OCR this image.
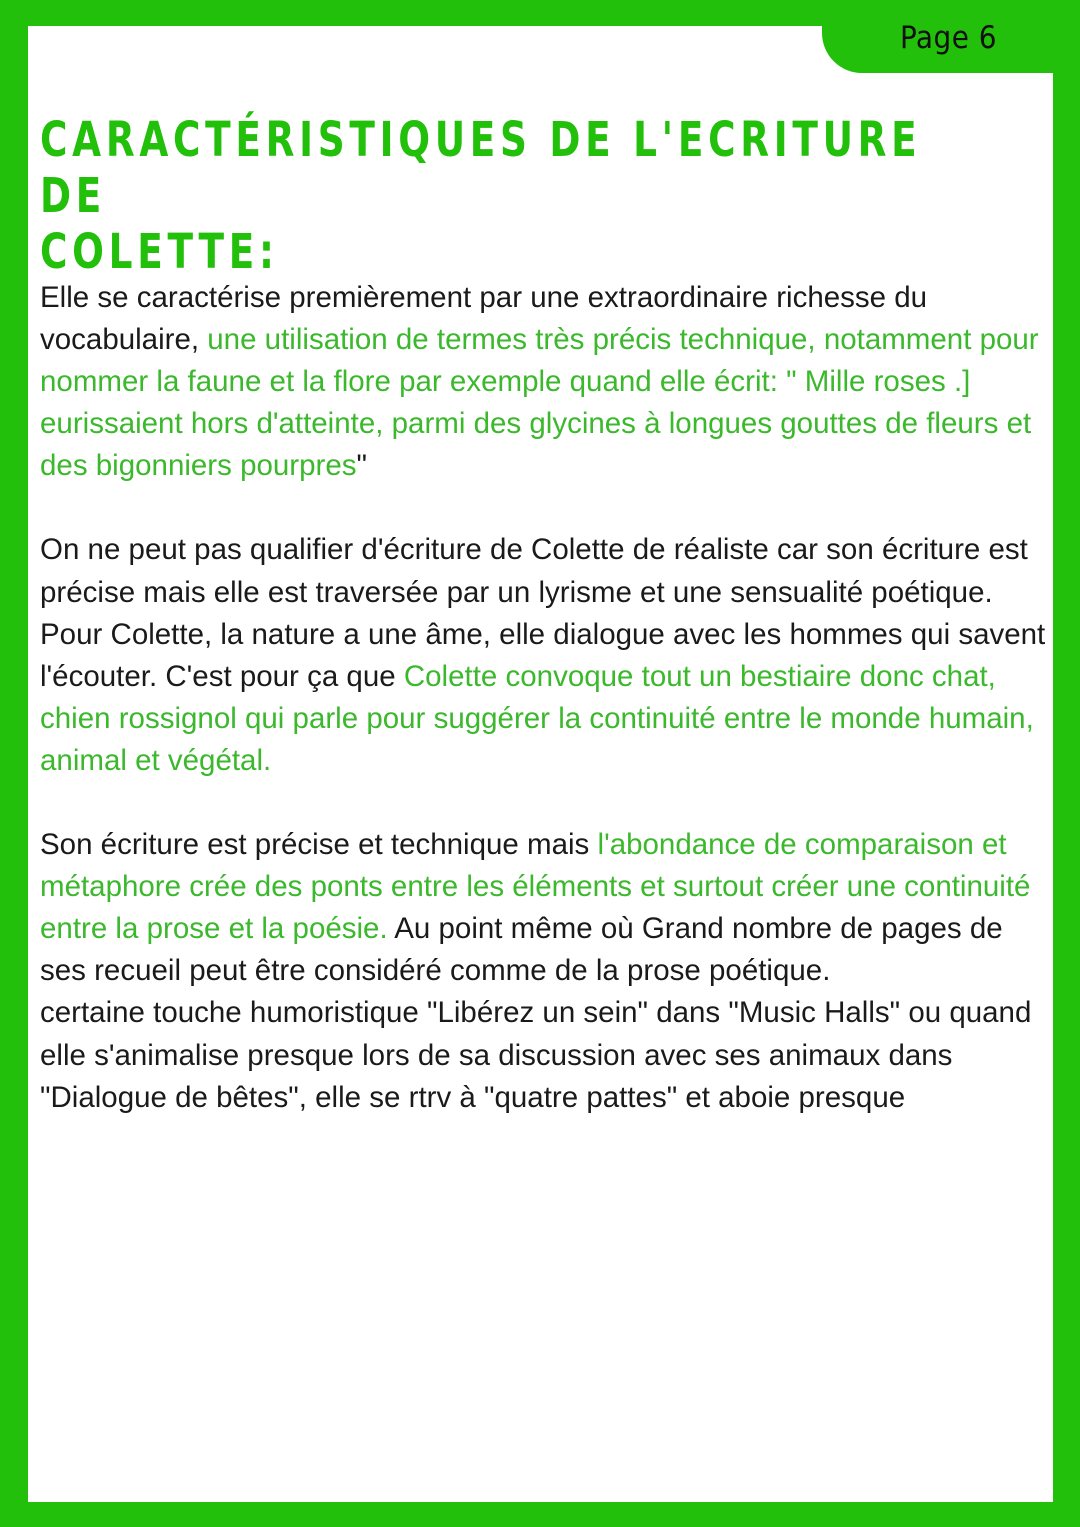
Page 6
CARACTÉRISTIQUES DE L'ECRITURE DE
COLETTE:

Elle se caractérise premièrement par une extraordinaire richesse du vocabulaire, une utilisation de termes très précis technique, notamment pour nommer la faune et la flore par exemple quand elle écrit: " Mille roses .] eurissaient hors d'atteinte, parmi des glycines à longues gouttes de fleurs et des bigonniers pourpres"

On ne peut pas qualifier d'écriture de Colette de réaliste car son écriture est précise mais elle est traversée par un lyrisme et une sensualité poétique.

Pour Colette, la nature a une âme, elle dialogue avec les hommes qui savent l'écouter. C'est pour ça que Colette convoque tout un bestiaire donc chat, chien rossignol qui parle pour suggérer la continuité entre le monde humain, animal et végétal.

Son écriture est précise et technique mais l'abondance de comparaison et métaphore crée des ponts entre les éléments et surtout créer une continuité entre la prose et la poésie. Au point même où Grand nombre de pages de ses recueil peut être considéré comme de la prose poétique.

certaine touche humoristique "Libérez un sein" dans "Music Halls" ou quand elle s'animalise presque lors de sa discussion avec ses animaux dans "Dialogue de bêtes", elle se rtrv à "quatre pattes" et aboie presque
